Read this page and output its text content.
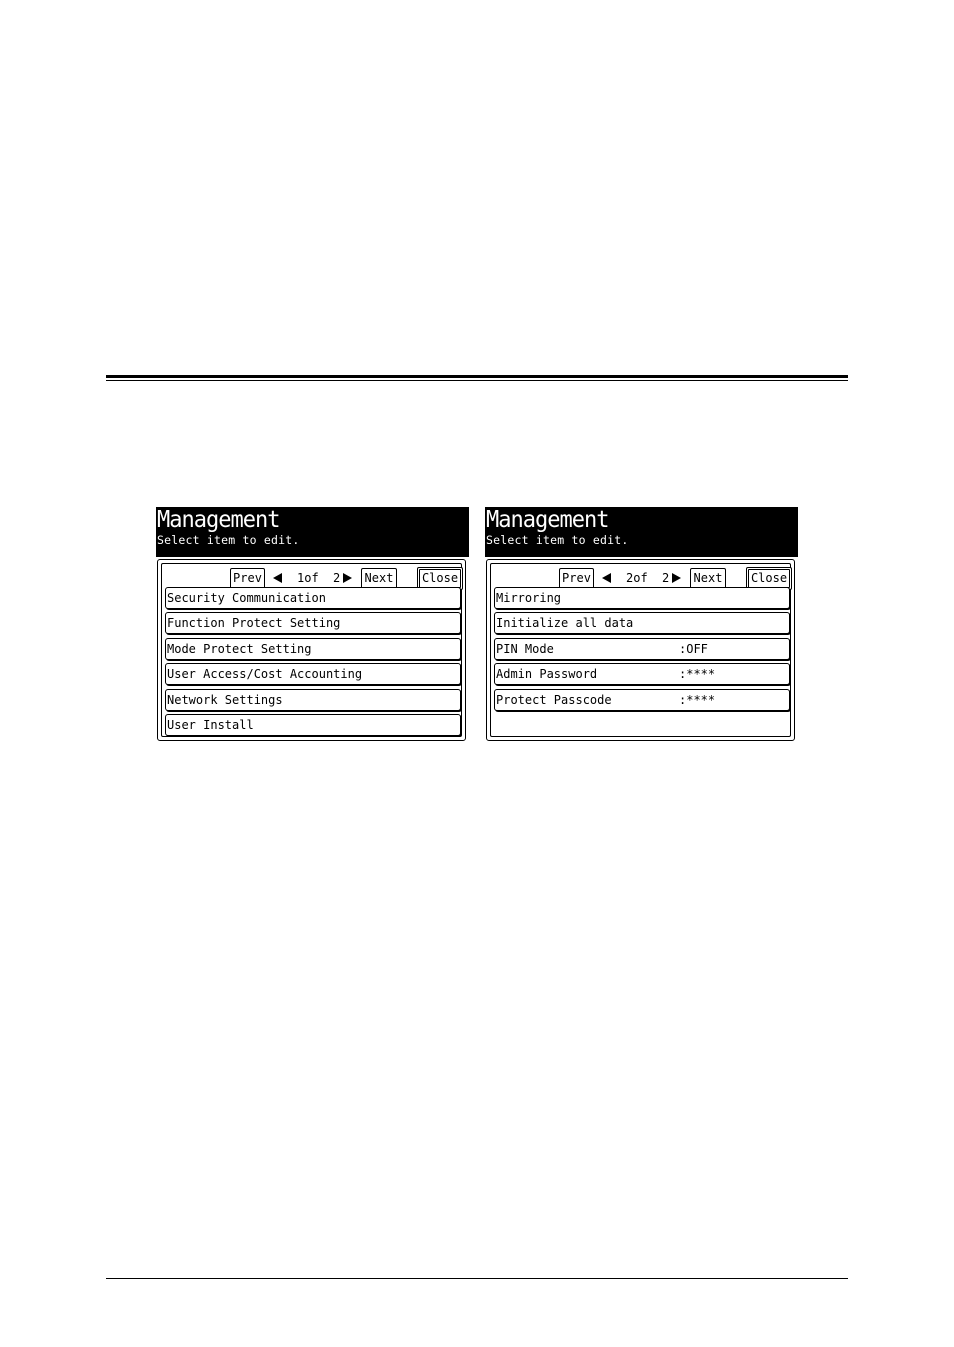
Management
Select item to edit.
Prev	1of 2 Next Close
Security Communication
Function Protect Setting
Mode Protect Setting
User Access/Cost Accounting
Network Settings
User Install
Management
Select item to edit.
Prev	2of 2 Next Close
Mirroring
Initialize all data
PIN Mode	:OFF
Admin Password	:****
Protect Passcode	:****
